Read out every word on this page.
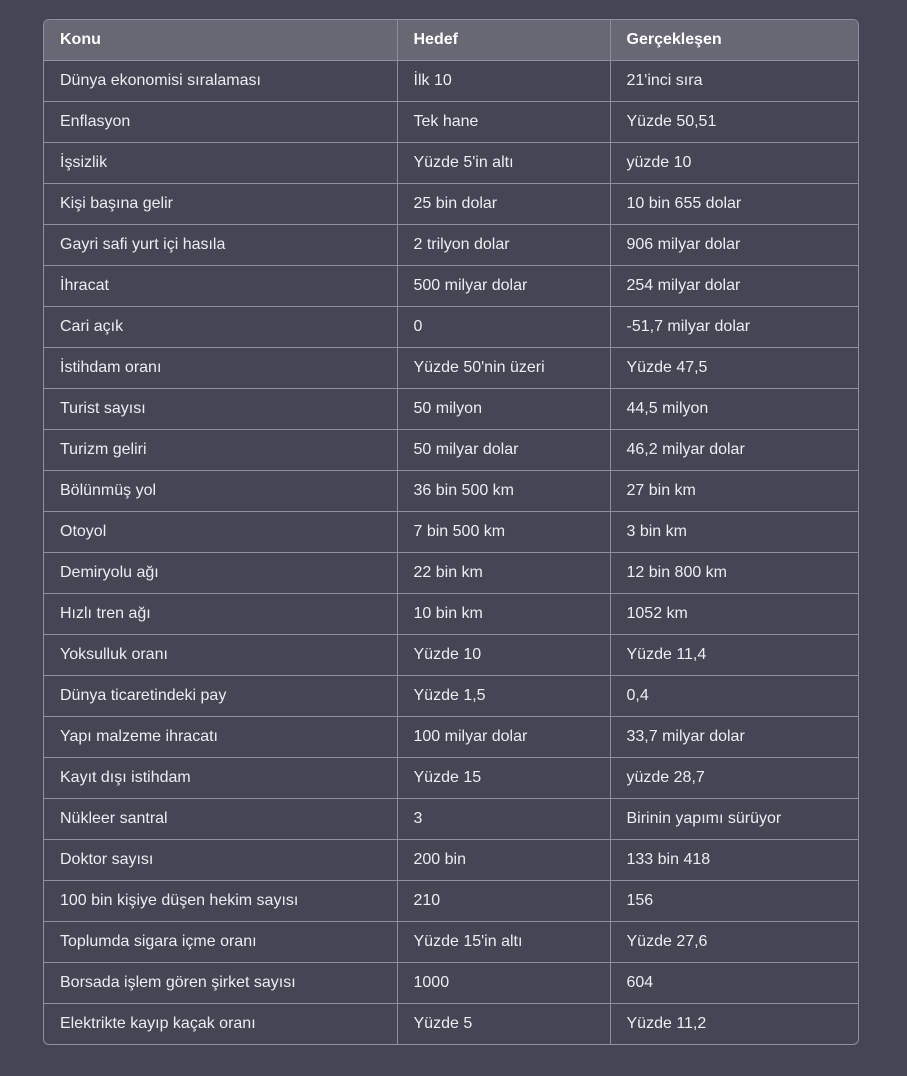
Konu	Hedef	Gerçekleşen
Dünya ekonomisi sıralaması	İlk 10	21'inci sıra
Enflasyon	Tek hane	Yüzde 50,51
İşsizlik	Yüzde 5'in altı	yüzde 10
Kişi başına gelir	25 bin dolar	10 bin 655 dolar
Gayri safi yurt içi hasıla	2 trilyon dolar	906 milyar dolar
İhracat	500 milyar dolar	254 milyar dolar
Cari açık	0	-51,7 milyar dolar
İstihdam oranı	Yüzde 50'nin üzeri	Yüzde 47,5
Turist sayısı	50 milyon	44,5 milyon
Turizm geliri	50 milyar dolar	46,2 milyar dolar
Bölünmüş yol	36 bin 500 km	27 bin km
Otoyol	7 bin 500 km	3 bin km
Demiryolu ağı	22 bin km	12 bin 800 km
Hızlı tren ağı	10 bin km	1052 km
Yoksulluk oranı	Yüzde 10	Yüzde 11,4
Dünya ticaretindeki pay	Yüzde 1,5	0,4
Yapı malzeme ihracatı	100 milyar dolar	33,7 milyar dolar
Kayıt dışı istihdam	Yüzde 15	yüzde 28,7
Nükleer santral	3	Birinin yapımı sürüyor
Doktor sayısı	200 bin	133 bin 418
100 bin kişiye düşen hekim sayısı	210	156
Toplumda sigara içme oranı	Yüzde 15'in altı	Yüzde 27,6
Borsada işlem gören şirket sayısı	1000	604
Elektrikte kayıp kaçak oranı	Yüzde 5	Yüzde 11,2
